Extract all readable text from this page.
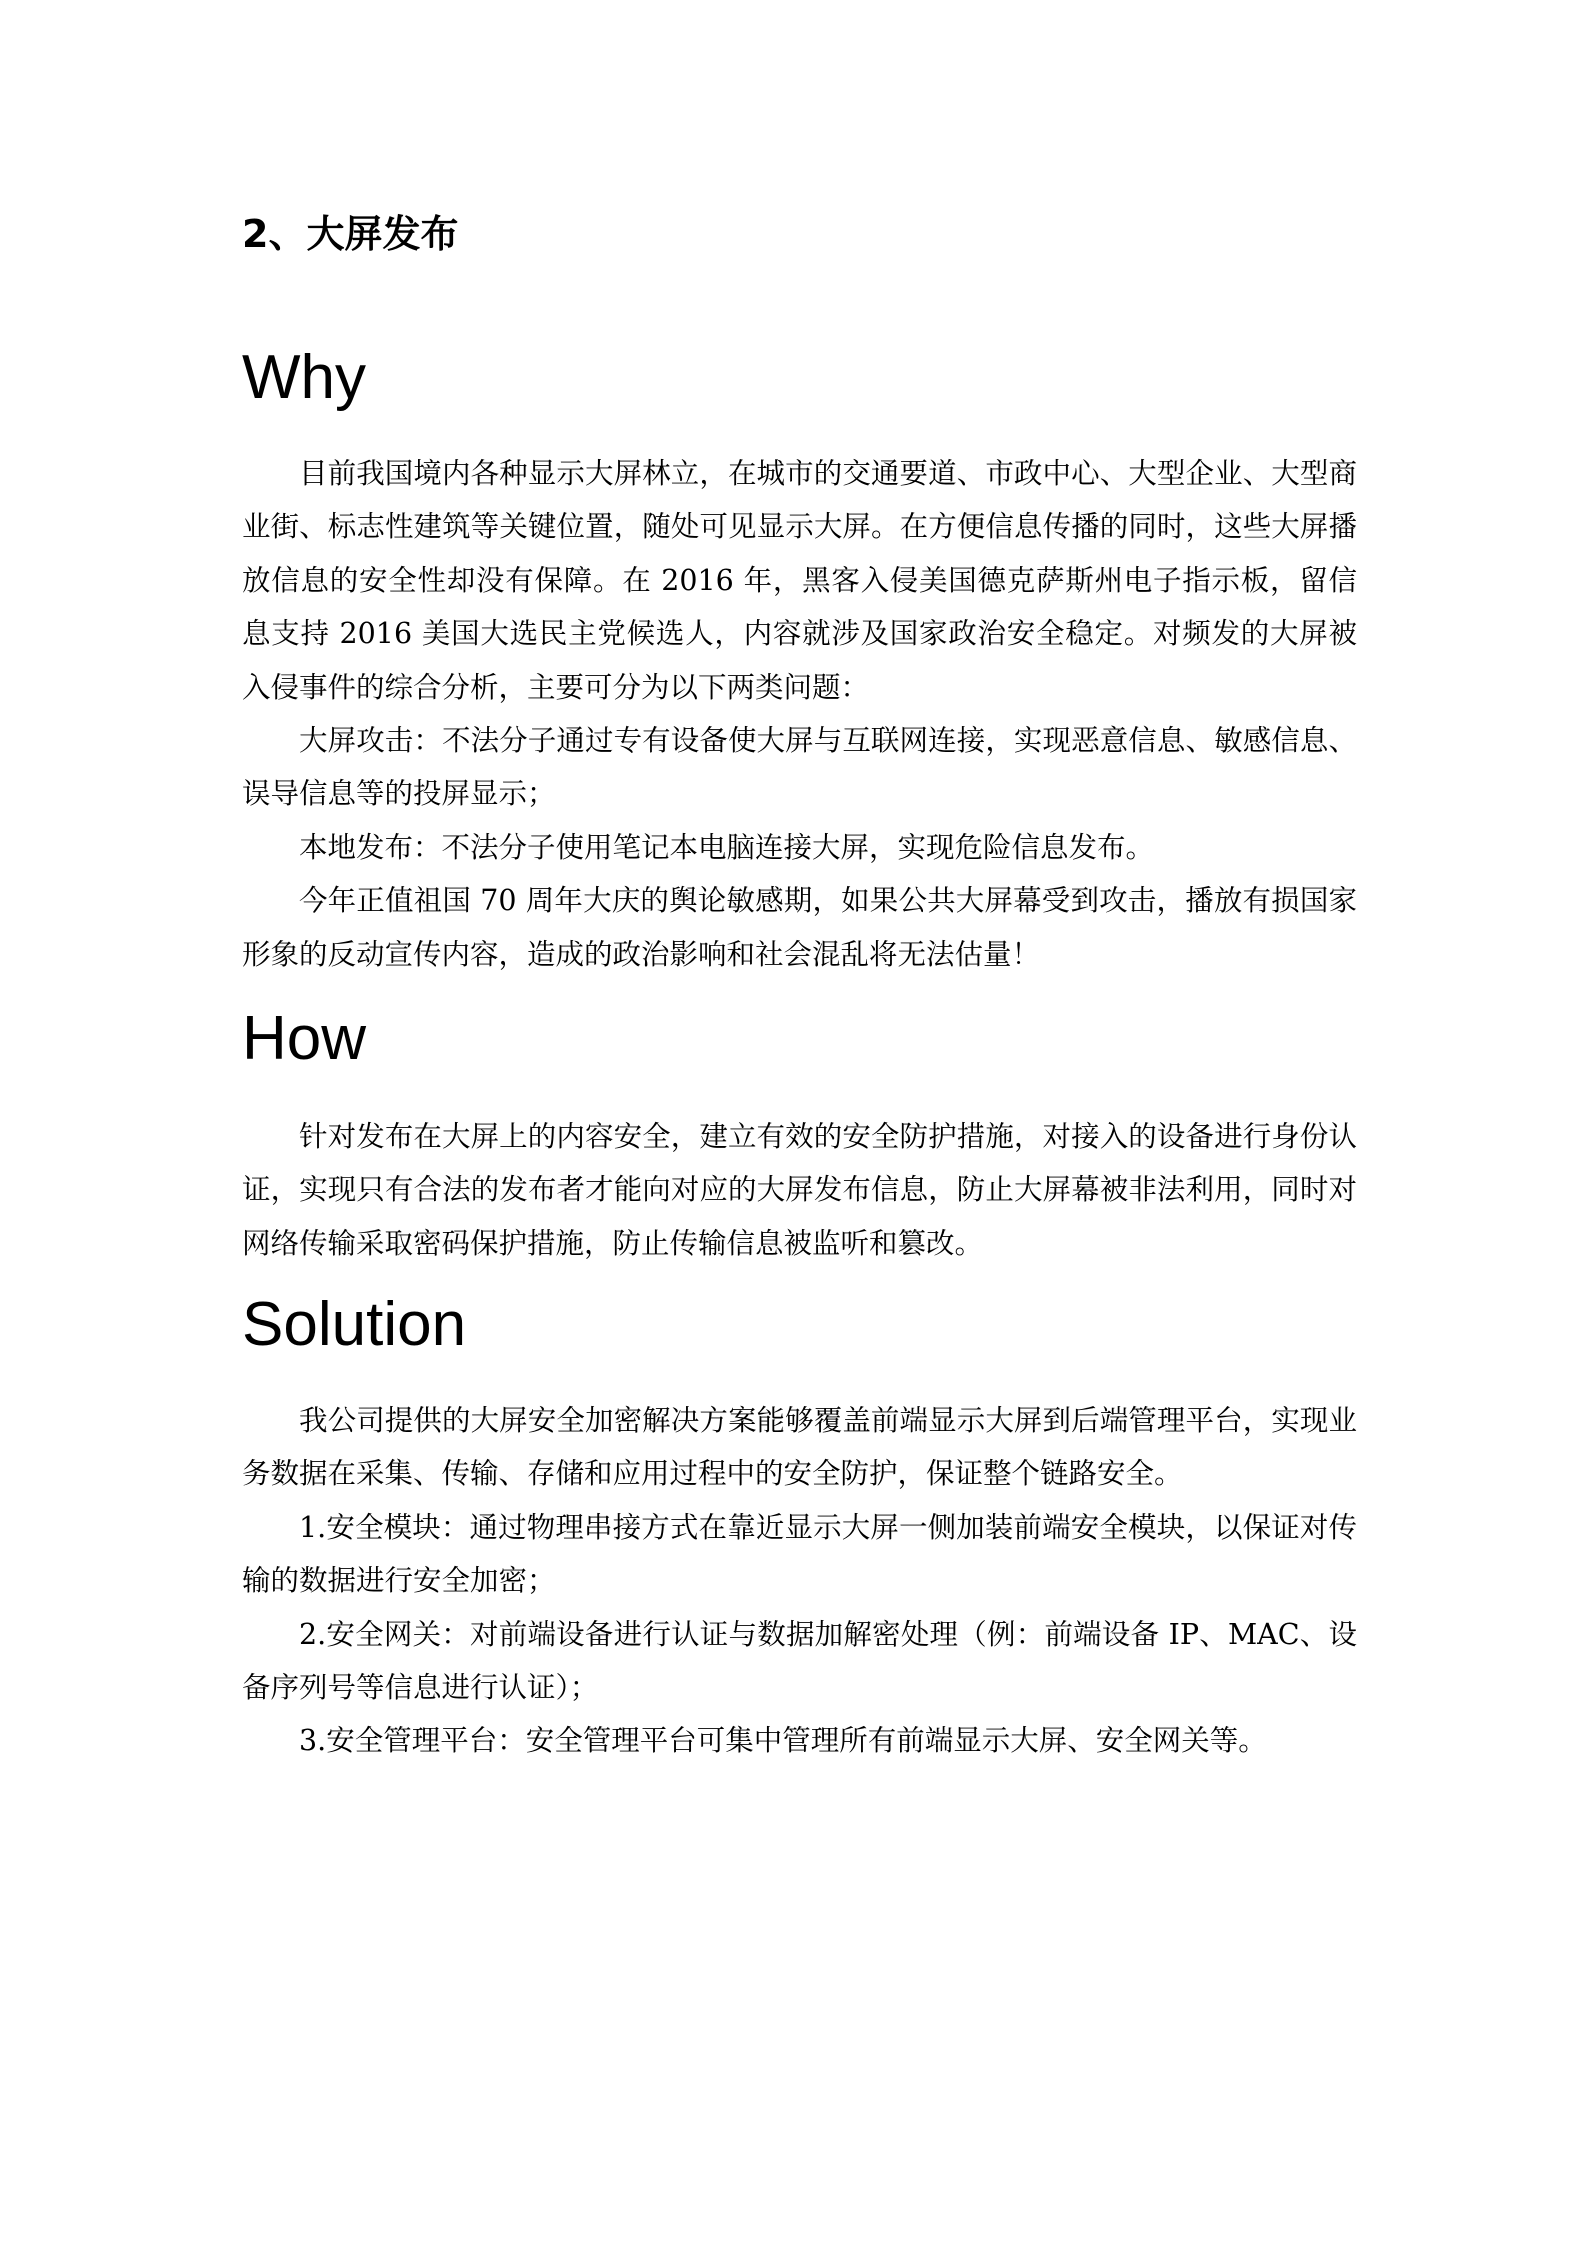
2、大屏发布
Why

目前我国境内各种显示大屏林立，在城市的交通要道、市政中心、大型企业、大型商业街、标志性建筑等关键位置，随处可见显示大屏。在方便信息传播的同时，这些大屏播放信息的安全性却没有保障。在 2016 年，黑客入侵美国德克萨斯州电子指示板，留信息支持 2016 美国大选民主党候选人，内容就涉及国家政治安全稳定。对频发的大屏被入侵事件的综合分析，主要可分为以下两类问题：

大屏攻击：不法分子通过专有设备使大屏与互联网连接，实现恶意信息、敏感信息、误导信息等的投屏显示；

本地发布：不法分子使用笔记本电脑连接大屏，实现危险信息发布。

今年正值祖国 70 周年大庆的舆论敏感期，如果公共大屏幕受到攻击，播放有损国家形象的反动宣传内容，造成的政治影响和社会混乱将无法估量！

How

针对发布在大屏上的内容安全，建立有效的安全防护措施，对接入的设备进行身份认证，实现只有合法的发布者才能向对应的大屏发布信息，防止大屏幕被非法利用，同时对网络传输采取密码保护措施，防止传输信息被监听和篡改。

Solution

我公司提供的大屏安全加密解决方案能够覆盖前端显示大屏到后端管理平台，实现业务数据在采集、传输、存储和应用过程中的安全防护，保证整个链路安全。

1.安全模块：通过物理串接方式在靠近显示大屏一侧加装前端安全模块，以保证对传输的数据进行安全加密；

2.安全网关：对前端设备进行认证与数据加解密处理（例：前端设备 IP、MAC、设备序列号等信息进行认证）；

3.安全管理平台：安全管理平台可集中管理所有前端显示大屏、安全网关等。
